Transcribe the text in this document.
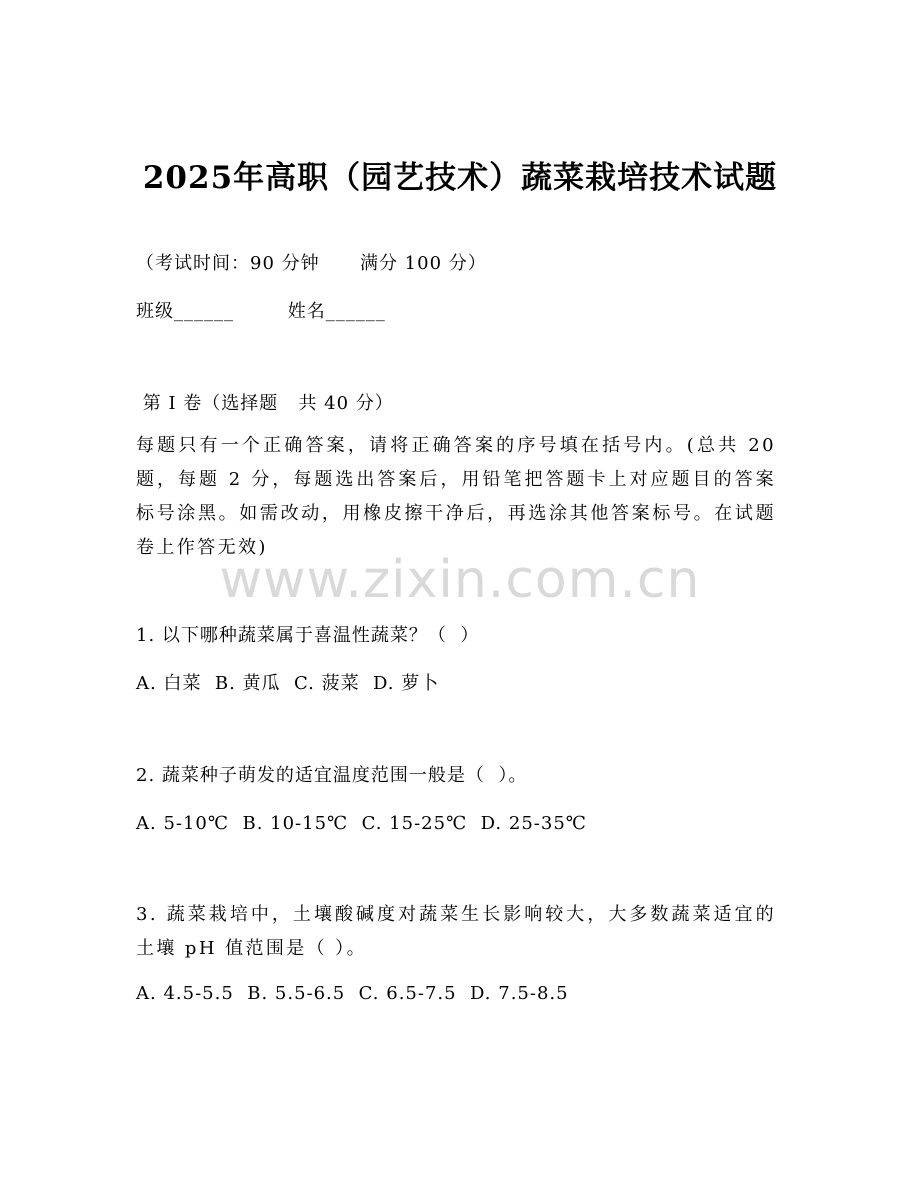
2025年高职（园艺技术）蔬菜栽培技术试题
（考试时间：90 分钟      满分 100 分）
班级______        姓名______
第 I 卷（选择题   共 40 分）
每题只有一个正确答案，请将正确答案的序号填在括号内。(总共 20 题，每题 2 分，每题选出答案后，用铅笔把答题卡上对应题目的答案标号涂黑。如需改动，用橡皮擦干净后，再选涂其他答案标号。在试题卷上作答无效)
www.zixin.com.cn
1. 以下哪种蔬菜属于喜温性蔬菜？（  ）
A. 白菜  B. 黄瓜  C. 菠菜  D. 萝卜
2. 蔬菜种子萌发的适宜温度范围一般是（  ）。
A. 5-10℃  B. 10-15℃  C. 15-25℃  D. 25-35℃
3. 蔬菜栽培中，土壤酸碱度对蔬菜生长影响较大，大多数蔬菜适宜的土壤 pH 值范围是（ ）。
A. 4.5-5.5  B. 5.5-6.5  C. 6.5-7.5  D. 7.5-8.5
